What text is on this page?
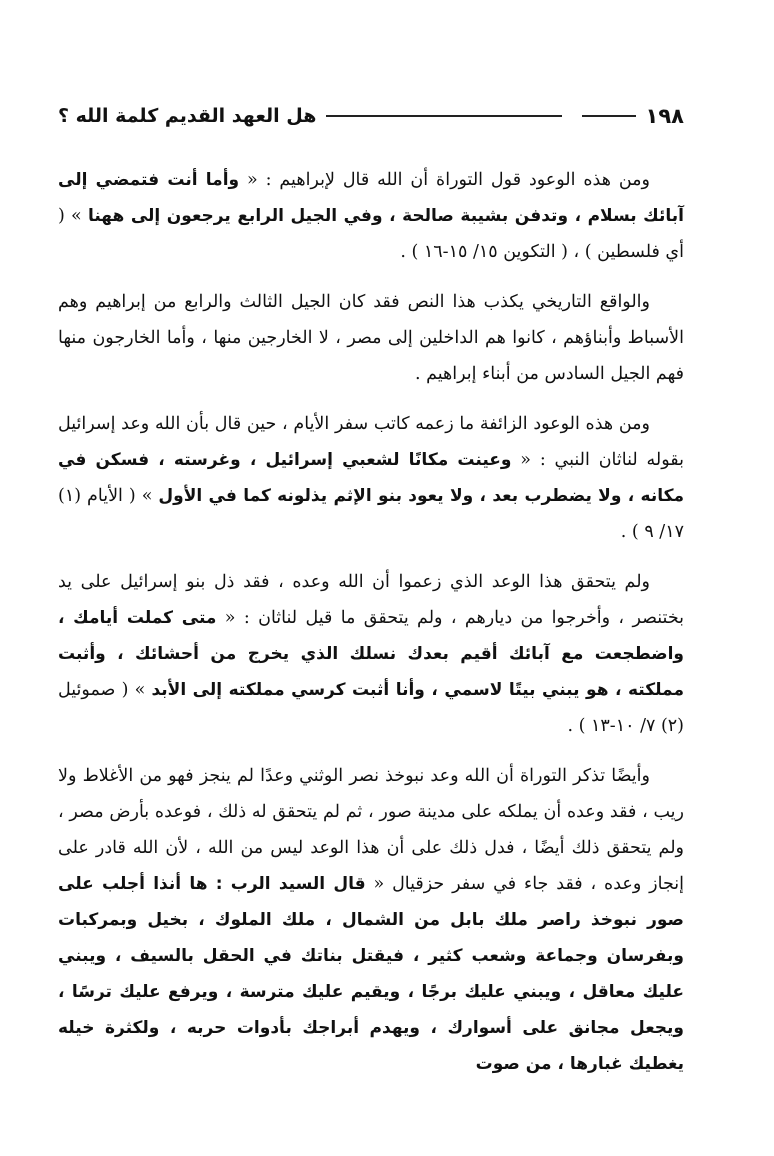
١٩٨
هل العهد القديم كلمة الله ؟

ومن هذه الوعود قول التوراة أن الله قال لإبراهيم : « وأما أنت فتمضي إلى آبائك بسلام ، وتدفن بشيبة صالحة ، وفي الجيل الرابع يرجعون إلى ههنا » ( أي فلسطين ) ، ( التكوين ١٥/ ١٥-١٦ ) .

والواقع التاريخي يكذب هذا النص فقد كان الجيل الثالث والرابع من إبراهيم وهم الأسباط وأبناؤهم ، كانوا هم الداخلين إلى مصر ، لا الخارجين منها ، وأما الخارجون منها فهم الجيل السادس من أبناء إبراهيم .

ومن هذه الوعود الزائفة ما زعمه كاتب سفر الأيام ، حين قال بأن الله وعد إسرائيل بقوله لناثان النبي : « وعينت مكانًا لشعبي إسرائيل ، وغرسته ، فسكن في مكانه ، ولا يضطرب بعد ، ولا يعود بنو الإثم يذلونه كما في الأول » ( الأيام (١) ١٧/ ٩ ) .

ولم يتحقق هذا الوعد الذي زعموا أن الله وعده ، فقد ذل بنو إسرائيل على يد بختنصر ، وأخرجوا من ديارهم ، ولم يتحقق ما قيل لناثان : « متى كملت أيامك ، واضطجعت مع آبائك أقيم بعدك نسلك الذي يخرج من أحشائك ، وأثبت مملكته ، هو يبني بيتًا لاسمي ، وأنا أثبت كرسي مملكته إلى الأبد » ( صموئيل (٢) ٧/ ١٠-١٣ ) .

وأيضًا تذكر التوراة أن الله وعد نبوخذ نصر الوثني وعدًا لم ينجز فهو من الأغلاط ولا ريب ، فقد وعده أن يملكه على مدينة صور ، ثم لم يتحقق له ذلك ، فوعده بأرض مصر ، ولم يتحقق ذلك أيضًا ، فدل ذلك على أن هذا الوعد ليس من الله ، لأن الله قادر على إنجاز وعده ، فقد جاء في سفر حزقيال « قال السيد الرب : ها أنذا أجلب على صور نبوخذ راصر ملك بابل من الشمال ، ملك الملوك ، بخيل وبمركبات وبفرسان وجماعة وشعب كثير ، فيقتل بناتك في الحقل بالسيف ، ويبني عليك معاقل ، ويبني عليك برجًا ، ويقيم عليك مترسة ، ويرفع عليك ترسًا ، ويجعل مجانق على أسوارك ، ويهدم أبراجك بأدوات حربه ، ولكثرة خيله يغطيك غبارها ، من صوت
